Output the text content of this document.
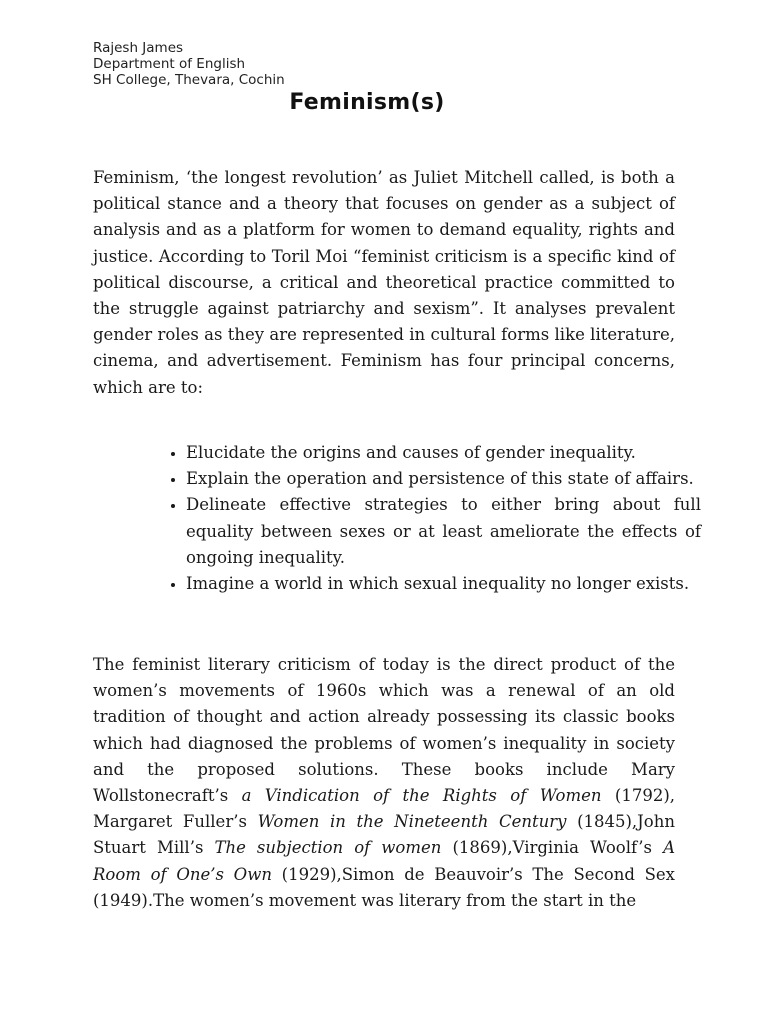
Rajesh James
Department of English
SH College, Thevara, Cochin
Feminism(s)

Feminism, ‘the longest revolution’ as Juliet Mitchell called, is both a political stance and a theory that focuses on gender as a subject of analysis and as a platform for women to demand equality, rights and justice. According to Toril Moi “feminist criticism is a specific kind of political discourse, a critical and theoretical practice committed to the struggle against patriarchy and sexism”. It analyses prevalent gender roles as they are represented in cultural forms like literature, cinema, and advertisement. Feminism has four principal concerns, which are to:

• Elucidate the origins and causes of gender inequality.
• Explain the operation and persistence of this state of affairs.
• Delineate effective strategies to either bring about full equality between sexes or at least ameliorate the effects of ongoing inequality.
• Imagine a world in which sexual inequality no longer exists.

The feminist literary criticism of today is the direct product of the women’s movements of 1960s which was a renewal of an old tradition of thought and action already possessing its classic books which had diagnosed the problems of women’s inequality in society and the proposed solutions. These books include Mary Wollstonecraft’s a Vindication of the Rights of Women (1792), Margaret Fuller’s Women in the Nineteenth Century (1845),John Stuart Mill’s The subjection of women (1869),Virginia Woolf’s A Room of One’s Own (1929),Simon de Beauvoir’s The Second Sex (1949).The women’s movement was literary from the start in the
